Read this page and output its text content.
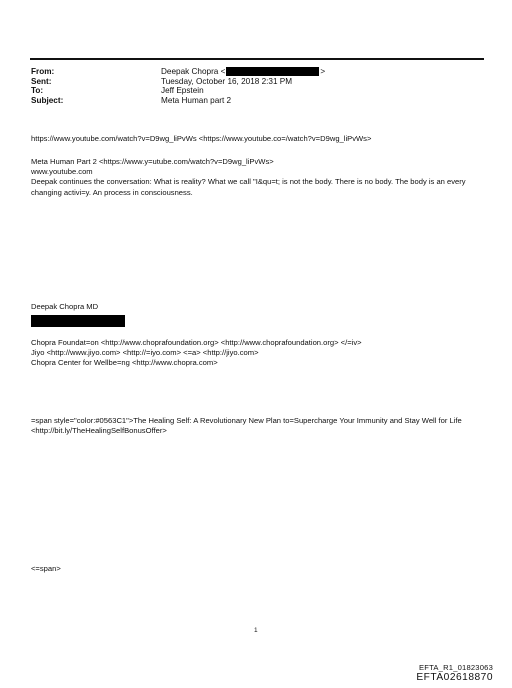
From:	Deepak Chopra <	>
Sent:	Tuesday, October 16, 2018 2:31 PM
To:	Jeff Epstein
Subject:	Meta Human part 2
https://www.youtube.com/watch?v=D9wg_liPvWs <https://www.youtube.co=/watch?v=D9wg_liPvWs>
Meta Human Part 2 <https://www.y=utube.com/watch?v=D9wg_liPvWs>
www.youtube.com
Deepak continues the conversation: What is reality? What we call "I&qu=t; is not the body. There is no body. The body is an every changing activi=y. An process in consciousness.
Deepak Chopra MD
Chopra Foundat=on <http://www.choprafoundation.org> <http://www.choprafoundation.org> </=iv>
Jiyo <http://www.jiyo.com> <http://=iyo.com> <=a> <http://jiyo.com>
Chopra Center for Wellbe=ng <http://www.chopra.com>
=span style="color:#0563C1">The Healing Self: A Revolutionary New Plan to=Supercharge Your Immunity and Stay Well for Life <http://bit.ly/TheHealingSelfBonusOffer>
<=span>
1
EFTA_R1_01823063
EFTA02618870
